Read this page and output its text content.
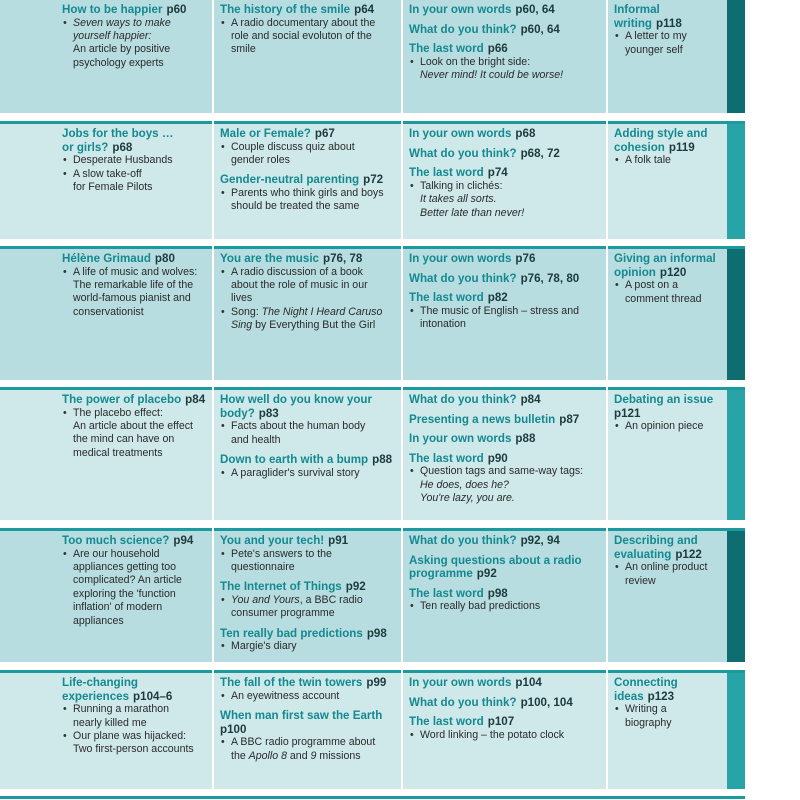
How to be happier p60
• Seven ways to make
yourself happier:
An article by positive
psychology experts
The history of the smile p64
• A radio documentary about the
role and social evoluton of the
smile
In your own words p60, 64
What do you think? p60, 64
The last word p66
• Look on the bright side:
Never mind! It could be worse!
Informal
writing p118
• A letter to my
younger self
Jobs for the boys …
or girls? p68
• Desperate Husbands
• A slow take-off
for Female Pilots
Male or Female? p67
• Couple discuss quiz about
gender roles
Gender-neutral parenting p72
• Parents who think girls and boys
should be treated the same
In your own words p68
What do you think? p68, 72
The last word p74
• Talking in clichés:
It takes all sorts.
Better late than never!
Adding style and
cohesion p119
• A folk tale
Hélène Grimaud p80
• A life of music and wolves:
The remarkable life of the
world-famous pianist and
conservationist
You are the music p76, 78
• A radio discussion of a book
about the role of music in our
lives
• Song: The Night I Heard Caruso
Sing by Everything But the Girl
In your own words p76
What do you think? p76, 78, 80
The last word p82
• The music of English – stress and
intonation
Giving an informal
opinion p120
• A post on a
comment thread
The power of placebo p84
• The placebo effect:
An article about the effect
the mind can have on
medical treatments
How well do you know your
body? p83
• Facts about the human body
and health
Down to earth with a bump p88
• A paraglider's survival story
What do you think? p84
Presenting a news bulletin p87
In your own words p88
The last word p90
• Question tags and same-way tags:
He does, does he?
You're lazy, you are.
Debating an issue
p121
• An opinion piece
Too much science? p94
• Are our household
appliances getting too
complicated? An article
exploring the 'function
inflation' of modern
appliances
You and your tech! p91
• Pete's answers to the
questionnaire
The Internet of Things p92
• You and Yours, a BBC radio
consumer programme
Ten really bad predictions p98
• Margie's diary
What do you think? p92, 94
Asking questions about a radio
programme p92
The last word p98
• Ten really bad predictions
Describing and
evaluating p122
• An online product
review
Life-changing
experiences p104–6
• Running a marathon
nearly killed me
• Our plane was hijacked:
Two first-person accounts
The fall of the twin towers p99
• An eyewitness account
When man first saw the Earth
p100
• A BBC radio programme about
the Apollo 8 and 9 missions
In your own words p104
What do you think? p100, 104
The last word p107
• Word linking – the potato clock
Connecting
ideas p123
• Writing a
biography
